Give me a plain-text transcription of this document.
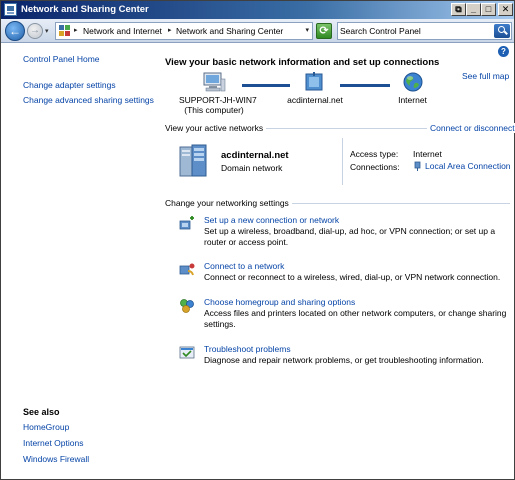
Network and Sharing Center	⧉	_	□	✕
← → ▾	▸ Network and Internet ▸ Network and Sharing Center	▾ ⟳
Search Control Panel
?
Control Panel Home
Change adapter settings
Change advanced sharing settings
See also
HomeGroup
Internet Options
Windows Firewall
View your basic network information and set up connections
See full map
SUPPORT-JH-WIN7
(This computer)
acdinternal.net	Internet
View your active networks	Connect or disconnect
acdinternal.net
Domain network
Access type: Internet
Connections:	Local Area Connection
Change your networking settings
Set up a new connection or network
Set up a wireless, broadband, dial-up, ad hoc, or VPN connection; or set up a router or access point.
Connect to a network
Connect or reconnect to a wireless, wired, dial-up, or VPN network connection.
Choose homegroup and sharing options
Access files and printers located on other network computers, or change sharing settings.
Troubleshoot problems
Diagnose and repair network problems, or get troubleshooting information.
